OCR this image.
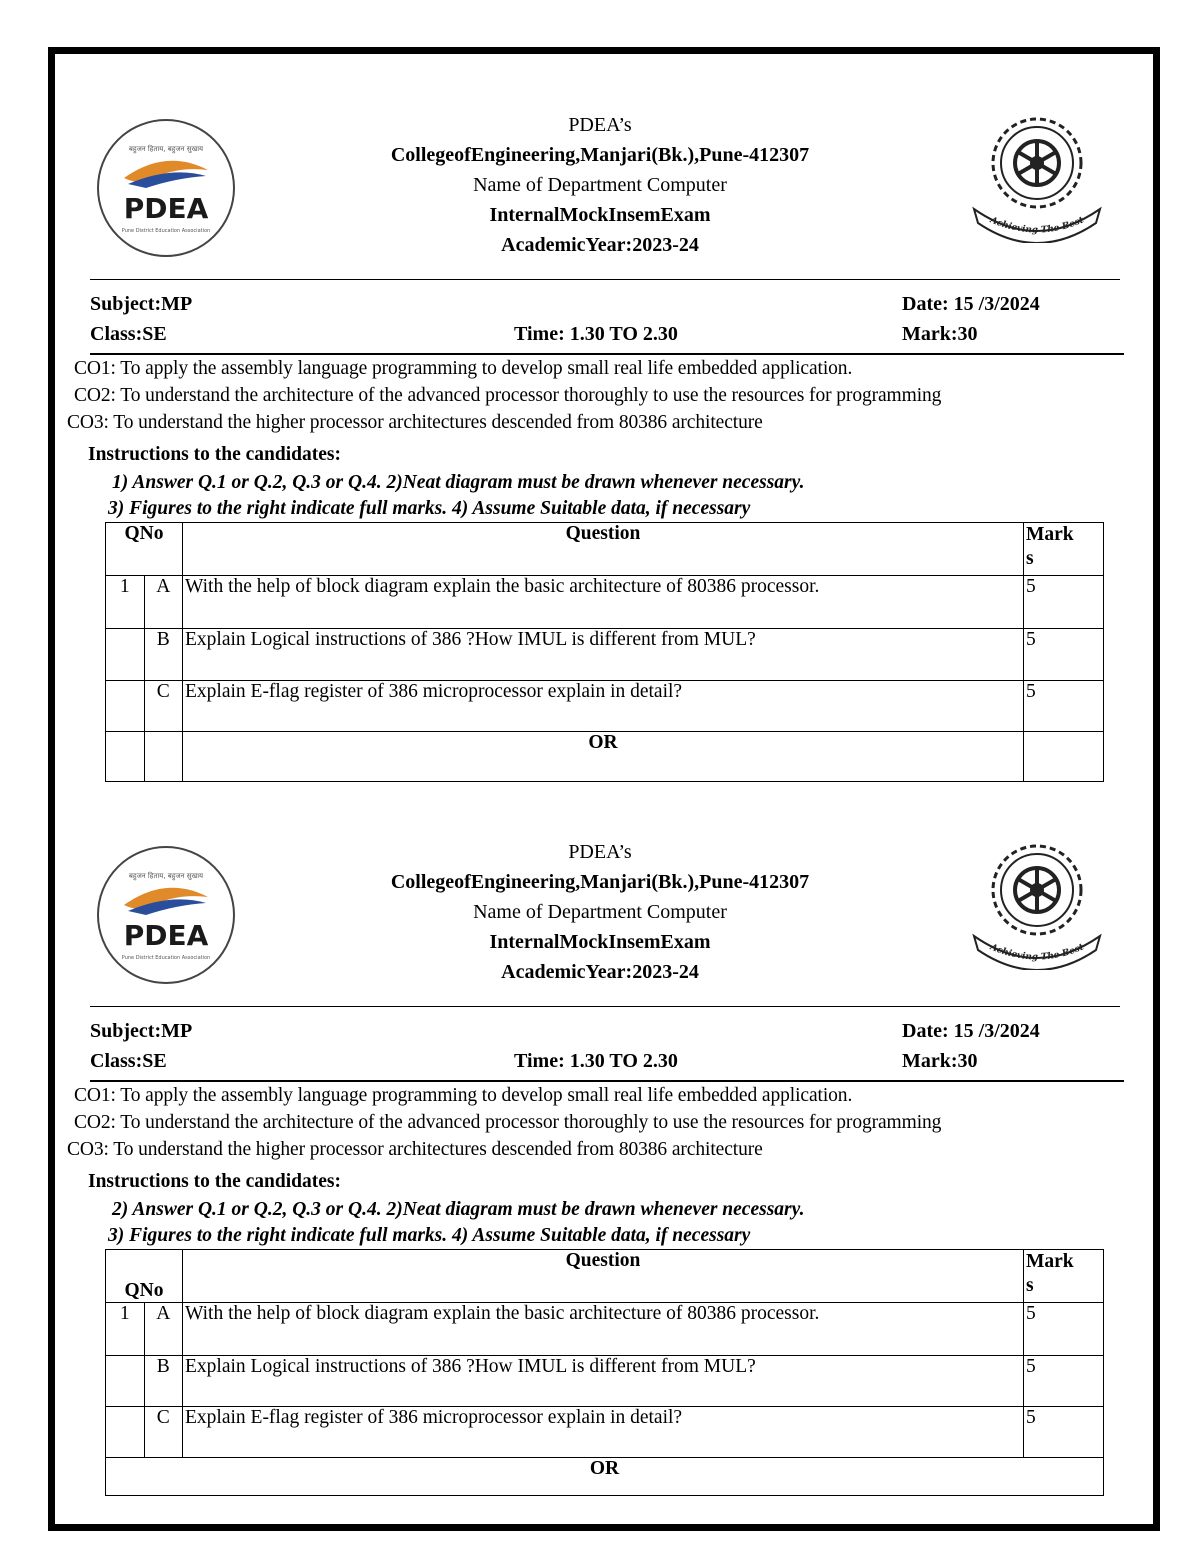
बहुजन हिताय, बहुजन सुखाय
PDEA
Pune District Education Association
PDEA’s
CollegeofEngineering,Manjari(Bk.),Pune-412307
Name of Department Computer
InternalMockInsemExam
AcademicYear:2023-24
Achieving The Best
Subject:MP	Date: 15 /3/2024
Class:SE	Time: 1.30 TO 2.30	Mark:30
CO1: To apply the assembly language programming to develop small real life embedded application.
CO2: To understand the architecture of the advanced processor thoroughly to use the resources for programming
CO3: To understand the higher processor architectures descended from 80386 architecture
Instructions to the candidates:
1) Answer Q.1 or Q.2, Q.3 or Q.4. 2)Neat diagram must be drawn whenever necessary.
3) Figures to the right indicate full marks. 4) Assume Suitable data, if necessary
QNo		Question	Mark
s
1	A	With the help of block diagram explain the basic architecture of 80386 processor.	5
	B	Explain Logical instructions of 386 ?How IMUL is different from MUL?	5
	C	Explain E-flag register of 386 microprocessor explain in detail?	5
		OR	
बहुजन हिताय, बहुजन सुखाय
PDEA
Pune District Education Association
PDEA’s
CollegeofEngineering,Manjari(Bk.),Pune-412307
Name of Department Computer
InternalMockInsemExam
AcademicYear:2023-24
Achieving The Best
Subject:MP	Date: 15 /3/2024
Class:SE	Time: 1.30 TO 2.30	Mark:30
CO1: To apply the assembly language programming to develop small real life embedded application.
CO2: To understand the architecture of the advanced processor thoroughly to use the resources for programming
CO3: To understand the higher processor architectures descended from 80386 architecture
Instructions to the candidates:
2) Answer Q.1 or Q.2, Q.3 or Q.4. 2)Neat diagram must be drawn whenever necessary.
3) Figures to the right indicate full marks. 4) Assume Suitable data, if necessary
QNo		Question	Mark
s
1	A	With the help of block diagram explain the basic architecture of 80386 processor.	5
	B	Explain Logical instructions of 386 ?How IMUL is different from MUL?	5
	C	Explain E-flag register of 386 microprocessor explain in detail?	5
OR			
